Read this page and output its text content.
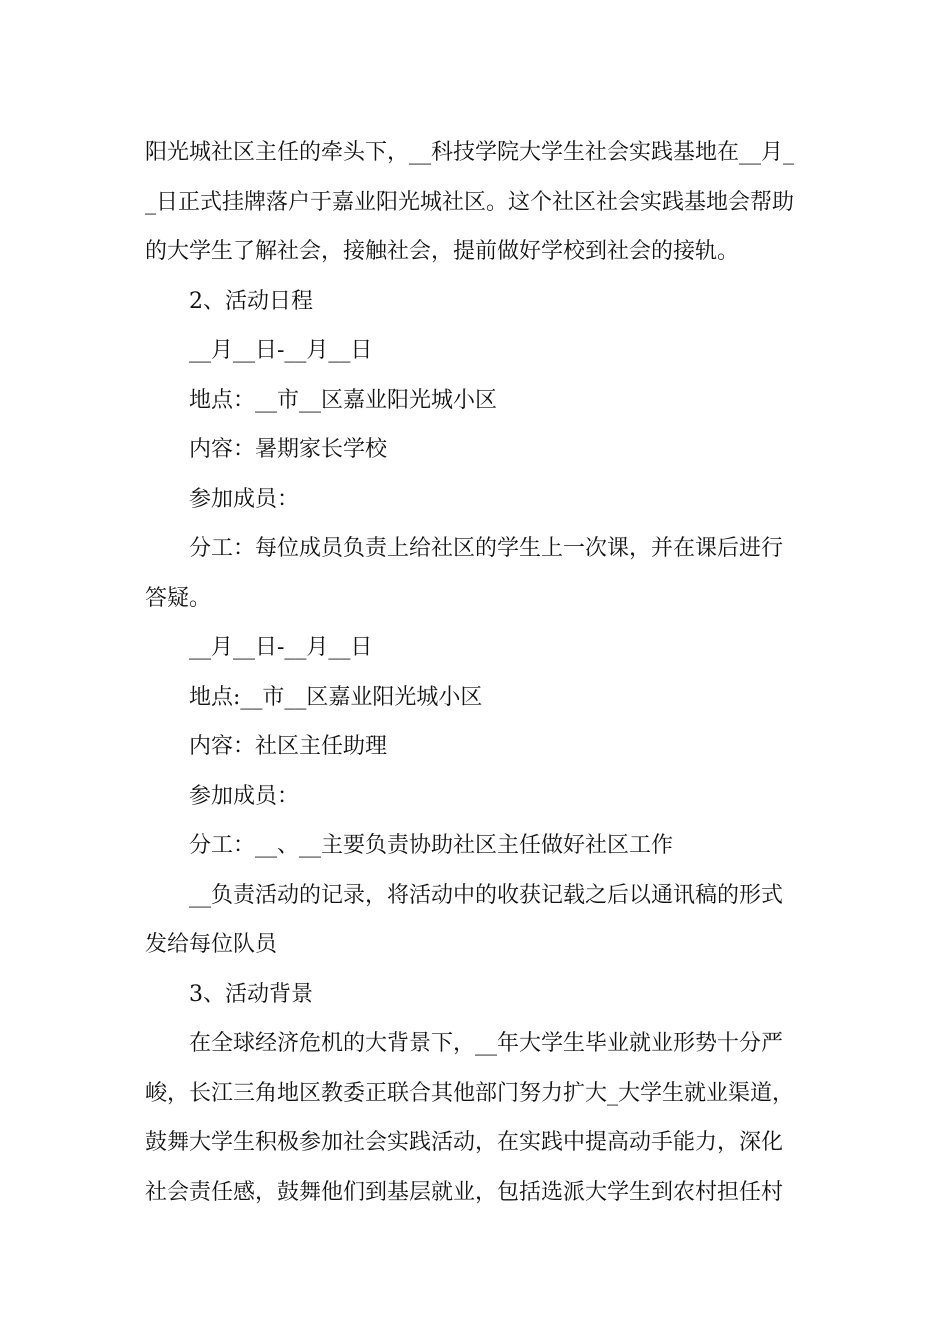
阳光城社区主任的牵头下，__科技学院大学生社会实践基地在__月_

_日正式挂牌落户于嘉业阳光城社区。这个社区社会实践基地会帮助

的大学生了解社会，接触社会，提前做好学校到社会的接轨。

2、活动日程

__月__日-__月__日

地点：__市__区嘉业阳光城小区

内容：暑期家长学校

参加成员：

分工：每位成员负责上给社区的学生上一次课，并在课后进行

答疑。

__月__日-__月__日

地点:__市__区嘉业阳光城小区

内容：社区主任助理

参加成员：

分工：__、__主要负责协助社区主任做好社区工作

__负责活动的记录，将活动中的收获记载之后以通讯稿的形式

发给每位队员

3、活动背景

在全球经济危机的大背景下，__年大学生毕业就业形势十分严

峻，长江三角地区教委正联合其他部门努力扩大_大学生就业渠道，

鼓舞大学生积极参加社会实践活动，在实践中提高动手能力，深化

社会责任感，鼓舞他们到基层就业，包括选派大学生到农村担任村
